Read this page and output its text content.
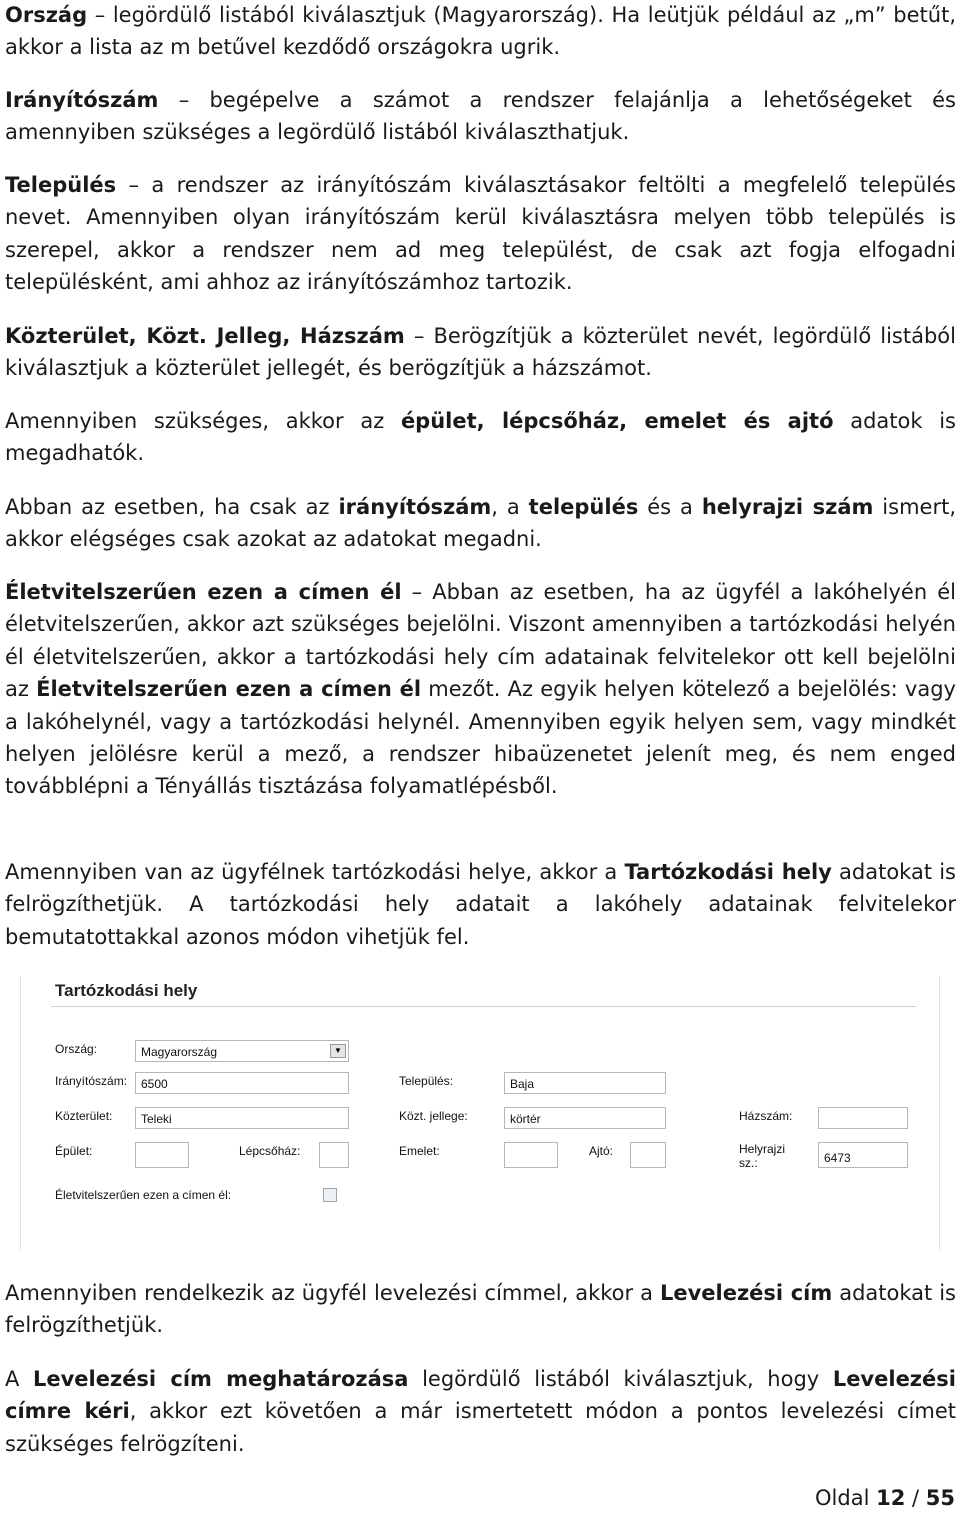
Ország – legördülő listából kiválasztjuk (Magyarország). Ha leütjük például az „m” betűt, akkor a lista az m betűvel kezdődő országokra ugrik.

Irányítószám – begépelve a számot a rendszer felajánlja a lehetőségeket és amennyiben szükséges a legördülő listából kiválaszthatjuk.

Település – a rendszer az irányítószám kiválasztásakor feltölti a megfelelő település nevet. Amennyiben olyan irányítószám kerül kiválasztásra melyen több település is szerepel, akkor a rendszer nem ad meg települést, de csak azt fogja elfogadni településként, ami ahhoz az irányítószámhoz tartozik.

Közterület, Közt. Jelleg, Házszám – Berögzítjük a közterület nevét, legördülő listából kiválasztjuk a közterület jellegét, és berögzítjük a házszámot.

Amennyiben szükséges, akkor az épület, lépcsőház, emelet és ajtó adatok is megadhatók.

Abban az esetben, ha csak az irányítószám, a település és a helyrajzi szám ismert, akkor elégséges csak azokat az adatokat megadni.

Életvitelszerűen ezen a címen él – Abban az esetben, ha az ügyfél a lakóhelyén él életvitelszerűen, akkor azt szükséges bejelölni. Viszont amennyiben a tartózkodási helyén él életvitelszerűen, akkor a tartózkodási hely cím adatainak felvitelekor ott kell bejelölni az Életvitelszerűen ezen a címen él mezőt. Az egyik helyen kötelező a bejelölés: vagy a lakóhelynél, vagy a tartózkodási helynél. Amennyiben egyik helyen sem, vagy mindkét helyen jelölésre kerül a mező, a rendszer hibaüzenetet jelenít meg, és nem enged továbblépni a Tényállás tisztázása folyamatlépésből.

Amennyiben van az ügyfélnek tartózkodási helye, akkor a Tartózkodási hely adatokat is felrögzíthetjük. A tartózkodási hely adatait a lakóhely adatainak felvitelekor bemutatottakkal azonos módon vihetjük fel.

Tartózkodási hely
Ország:	Magyarország	▼
Irányítószám:	6500	Település:	Baja
Közterület:	Teleki	Közt. jellege:	körtér	Házszám:
Épület:	Lépcsőház:	Emelet:	Ajtó:	Helyrajzi
sz.:	6473
Életvitelszerűen ezen a címen él:

Amennyiben rendelkezik az ügyfél levelezési címmel, akkor a Levelezési cím adatokat is felrögzíthetjük.

A Levelezési cím meghatározása legördülő listából kiválasztjuk, hogy Levelezési címre kéri, akkor ezt követően a már ismertetett módon a pontos levelezési címet szükséges felrögzíteni.

Oldal 12 / 55
